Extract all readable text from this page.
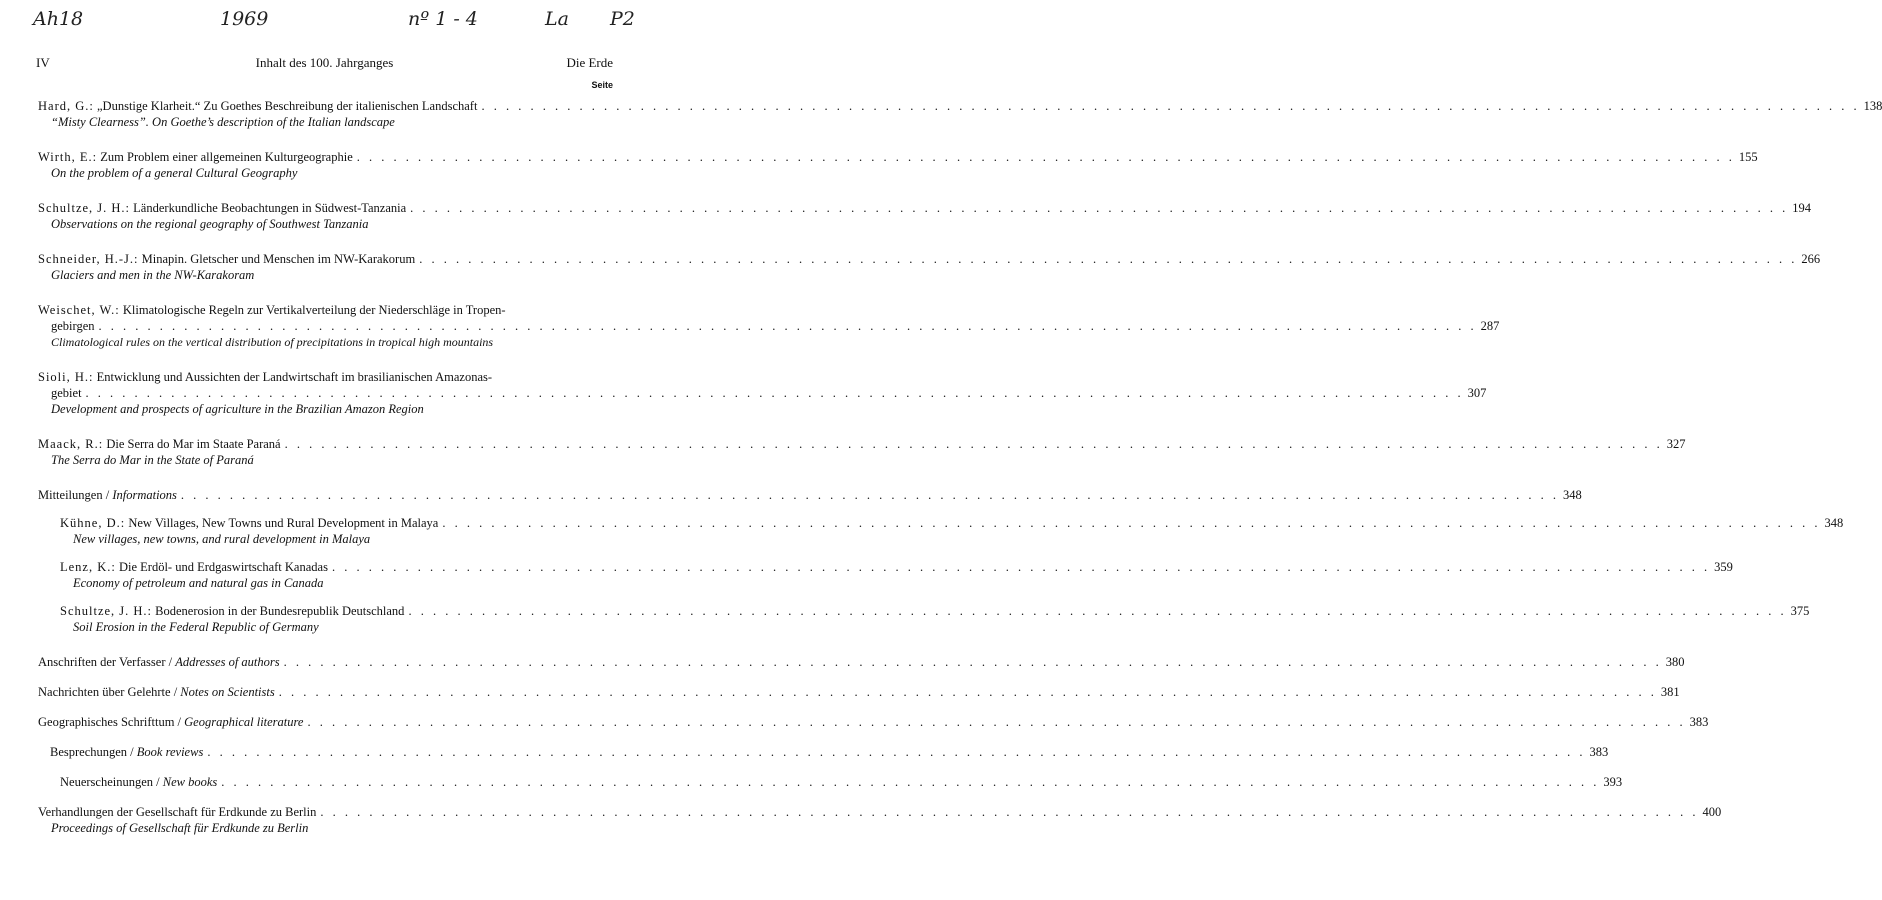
Ah18	1969	nº 1 - 4	La P2
IV	Inhalt des 100. Jahrganges	Die Erde
Seite
Hard, G.: „Dunstige Klarheit.“ Zu Goethes Beschreibung der italienischen Landschaft . . .	138
“Misty Clearness”. On Goethe’s description of the Italian landscape
Wirth, E.: Zum Problem einer allgemeinen Kulturgeographie . . .	155
On the problem of a general Cultural Geography
Schultze, J. H.: Länderkundliche Beobachtungen in Südwest-Tanzania . . .	194
Observations on the regional geography of Southwest Tanzania
Schneider, H.-J.: Minapin. Gletscher und Menschen im NW-Karakorum . . .	266
Glaciers and men in the NW-Karakoram
Weischet, W.: Klimatologische Regeln zur Vertikalverteilung der Niederschläge in Tropen-
gebirgen . . .	287
Climatological rules on the vertical distribution of precipitations in tropical high mountains
Sioli, H.: Entwicklung und Aussichten der Landwirtschaft im brasilianischen Amazonas-
gebiet . . .	307
Development and prospects of agriculture in the Brazilian Amazon Region
Maack, R.: Die Serra do Mar im Staate Paraná . . .	327
The Serra do Mar in the State of Paraná
Mitteilungen / Informations . . .	348
Kühne, D.: New Villages, New Towns und Rural Development in Malaya . . .	348
New villages, new towns, and rural development in Malaya
Lenz, K.: Die Erdöl- und Erdgaswirtschaft Kanadas . . .	359
Economy of petroleum and natural gas in Canada
Schultze, J. H.: Bodenerosion in der Bundesrepublik Deutschland . . .	375
Soil Erosion in the Federal Republic of Germany
Anschriften der Verfasser / Addresses of authors . . .	380
Nachrichten über Gelehrte / Notes on Scientists . . .	381
Geographisches Schrifttum / Geographical literature . . .	383
Besprechungen / Book reviews . . .	383
Neuerscheinungen / New books . . .	393
Verhandlungen der Gesellschaft für Erdkunde zu Berlin . . .	400
Proceedings of Gesellschaft für Erdkunde zu Berlin
